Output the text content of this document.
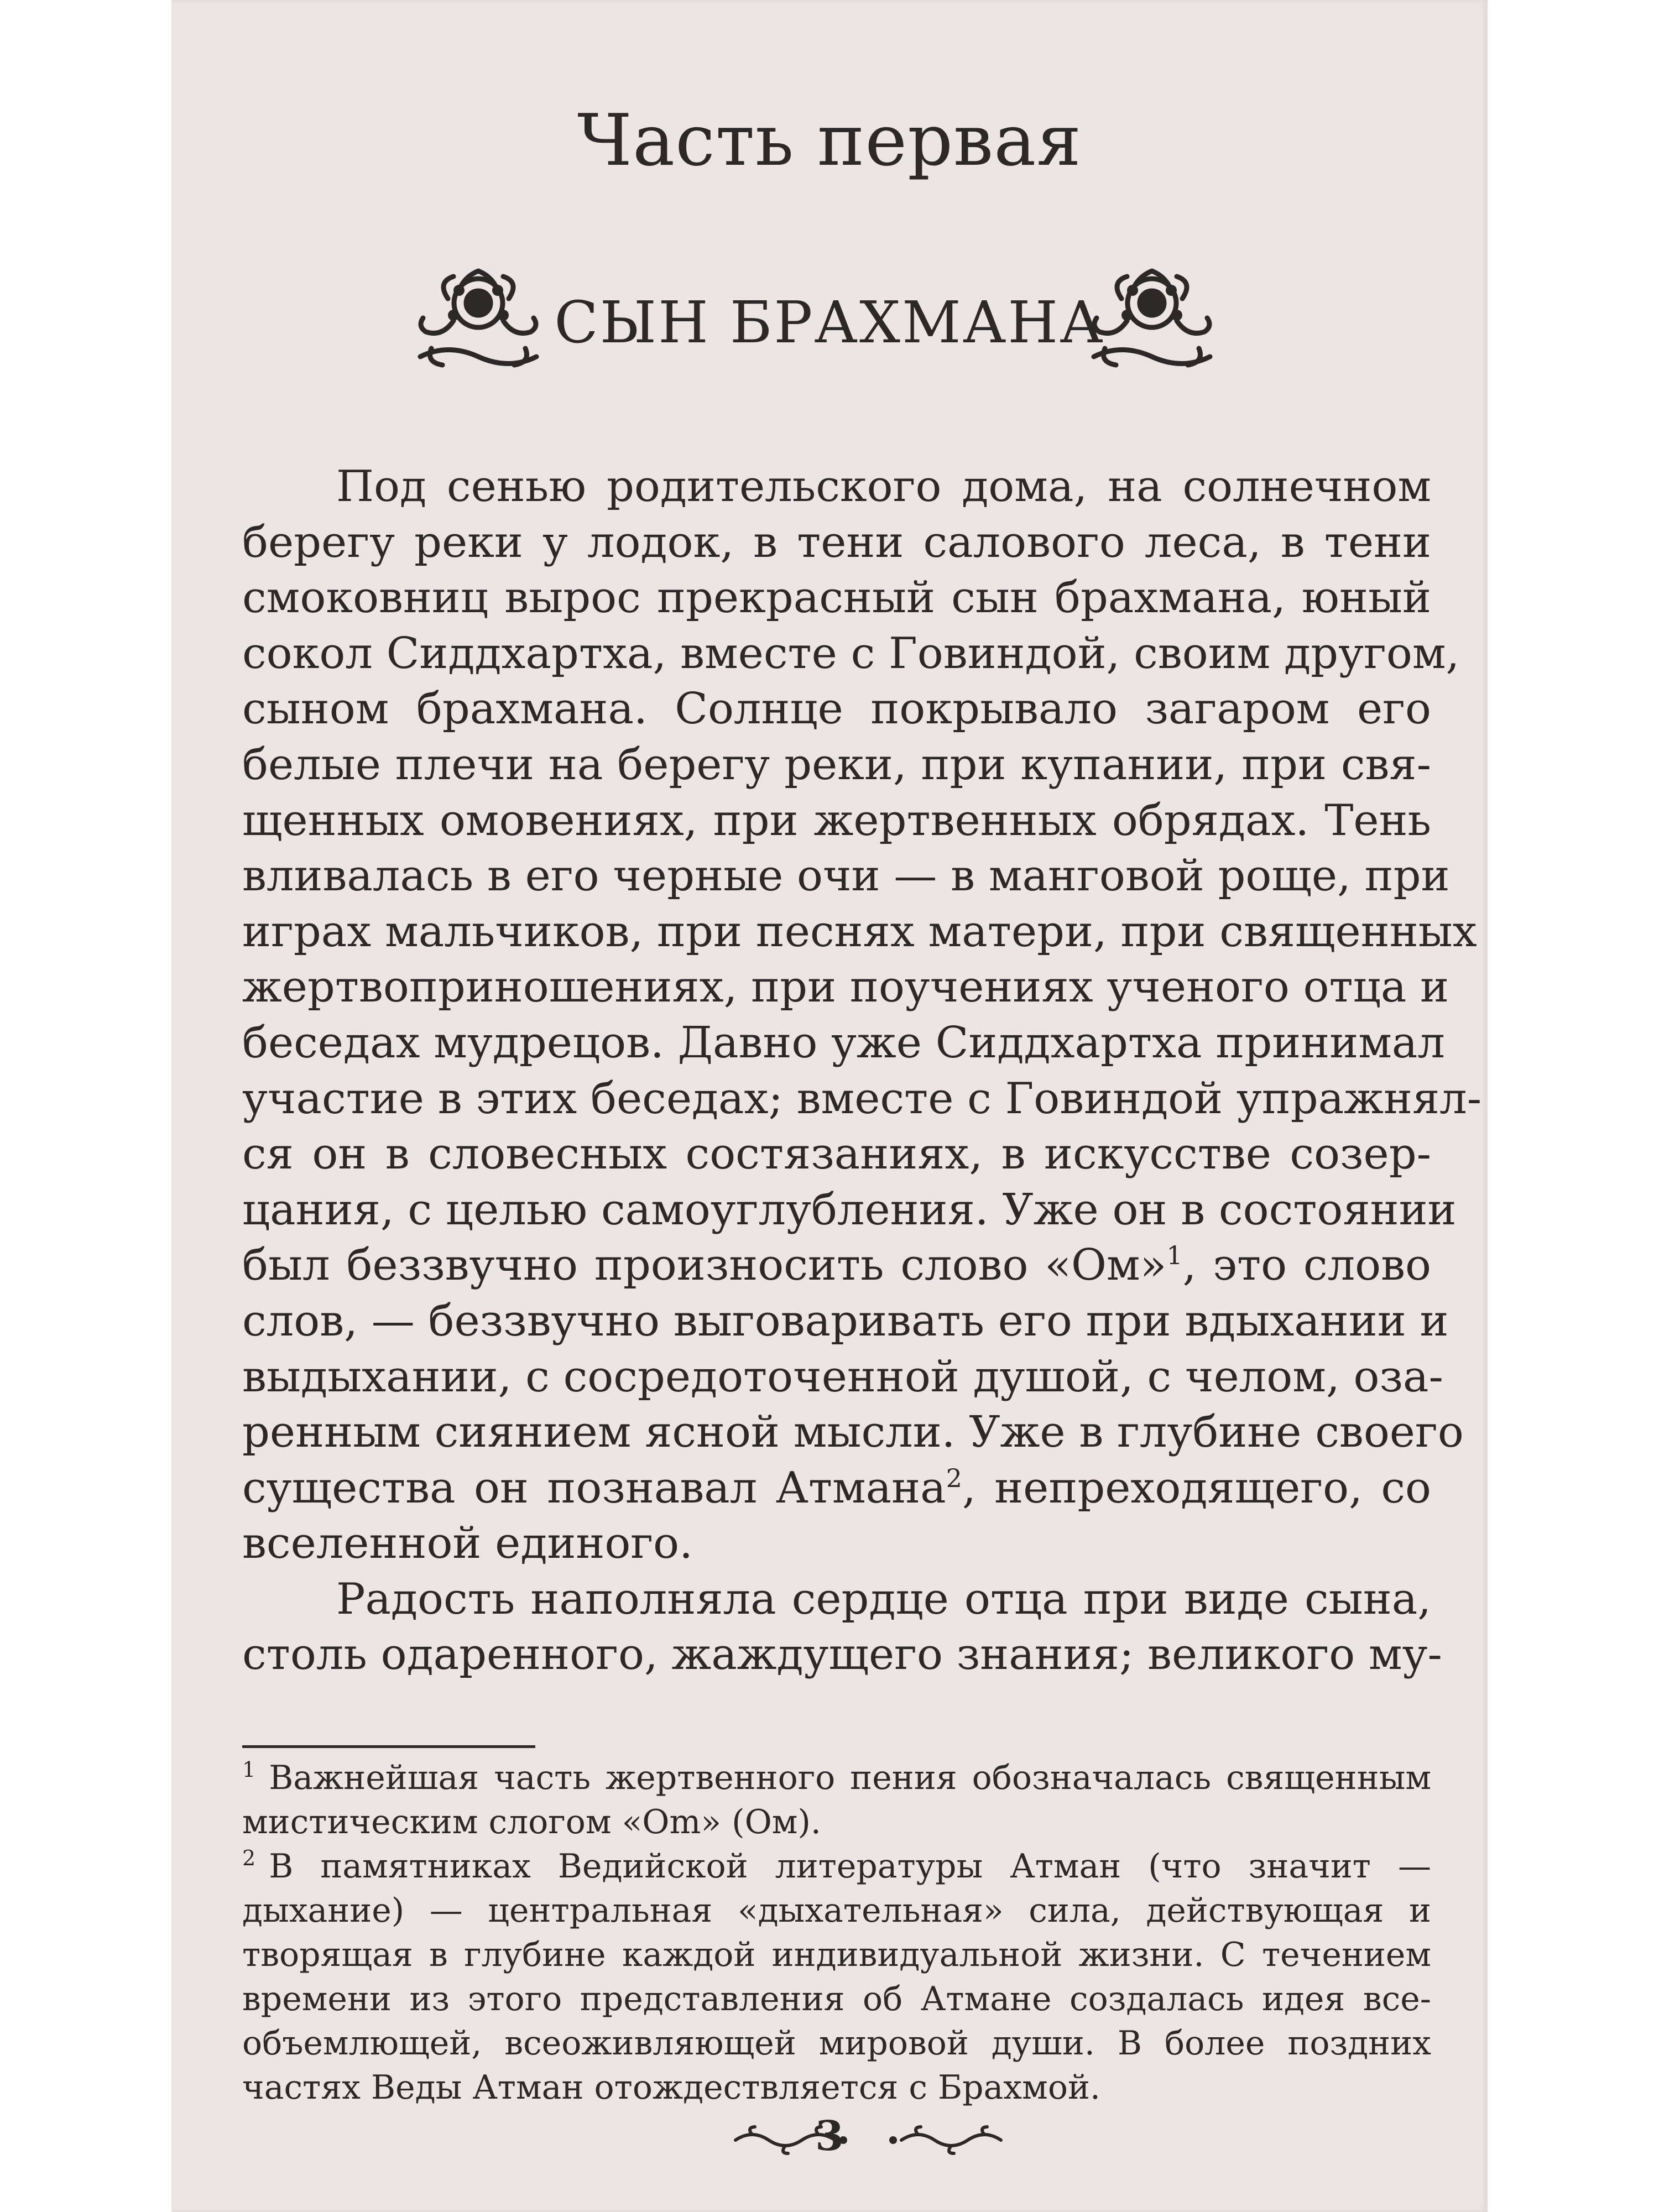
Часть первая
СЫН БРАХМАНА

Под сенью родительского дома, на солнечном
берегу реки у лодок, в тени салового леса, в тени
смоковниц вырос прекрасный сын брахмана, юный
сокол Сиддхартха, вместе с Говиндой, своим другом,
сыном брахмана. Солнце покрывало загаром его
белые плечи на берегу реки, при купании, при свя-
щенных омовениях, при жертвенных обрядах. Тень
вливалась в его черные очи — в манговой роще, при
играх мальчиков, при песнях матери, при священных
жертвоприношениях, при поучениях ученого отца и
беседах мудрецов. Давно уже Сиддхартха принимал
участие в этих беседах; вместе с Говиндой упражнял-
ся он в словесных состязаниях, в искусстве созер-
цания, с целью самоуглубления. Уже он в состоянии
был беззвучно произносить слово «Ом»$^1$, это слово
слов, — беззвучно выговаривать его при вдыхании и
выдыхании, с сосредоточенной душой, с челом, оза-
ренным сиянием ясной мысли. Уже в глубине своего
существа он познавал Атмана$^2$, непреходящего, со
вселенной единого.

Радость наполняла сердце отца при виде сына,
столь одаренного, жаждущего знания; великого му-

$^1$ Важнейшая часть жертвенного пения обозначалась священным
мистическим слогом «Om» (Ом).
$^2$ В памятниках Ведийской литературы Атман (что значит —
дыхание) — центральная «дыхательная» сила, действующая и
творящая в глубине каждой индивидуальной жизни. С течением
времени из этого представления об Атмане создалась идея все-
объемлющей, всеоживляющей мировой души. В более поздних
частях Веды Атман отождествляется с Брахмой.
3
